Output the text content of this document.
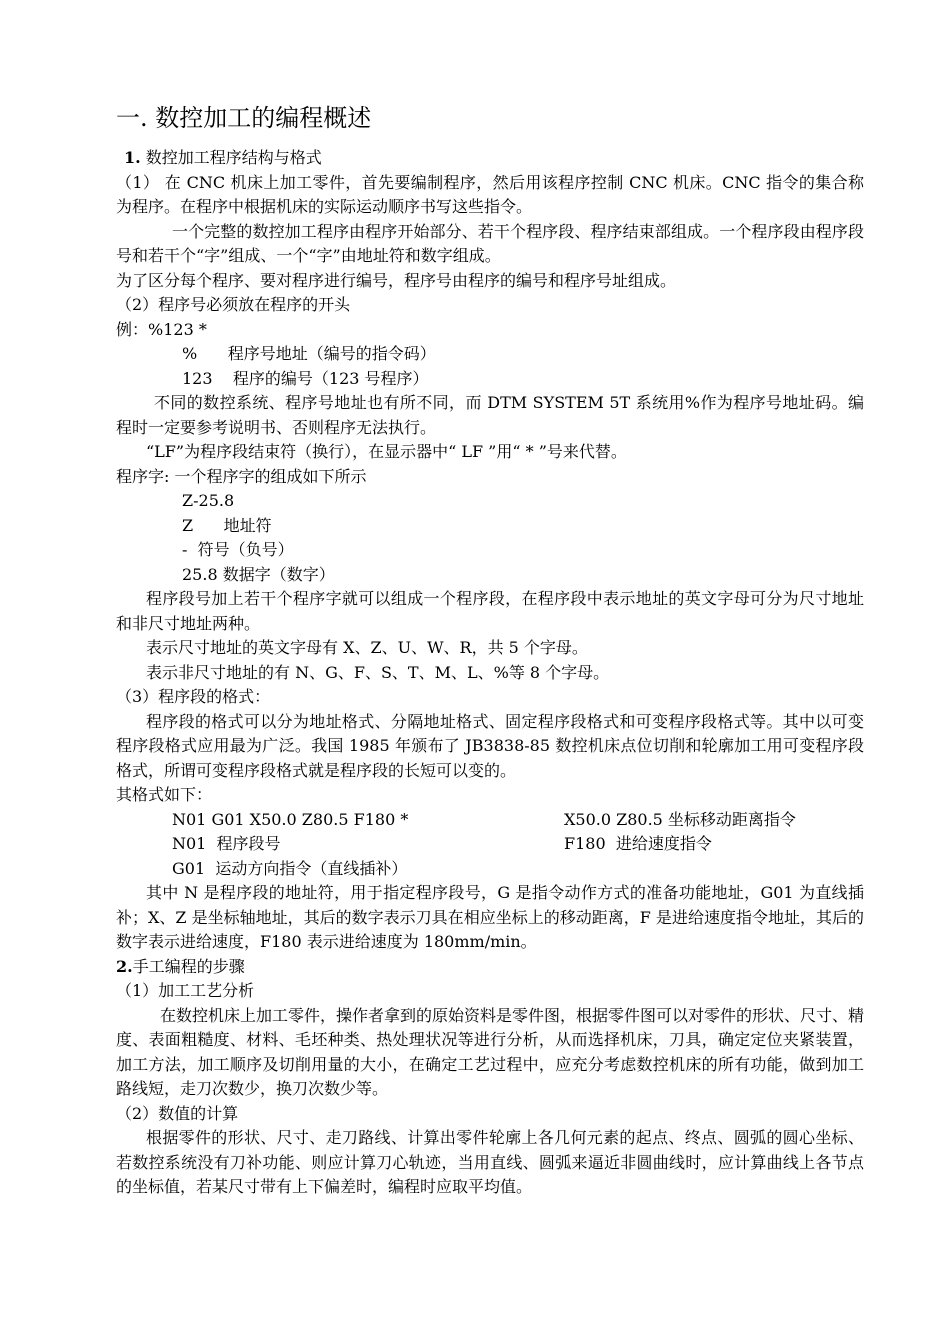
一. 数控加工的编程概述

1. 数控加工程序结构与格式

（1） 在 CNC 机床上加工零件，首先要编制程序，然后用该程序控制 CNC 机床。CNC 指令的集合称为程序。在程序中根据机床的实际运动顺序书写这些指令。

一个完整的数控加工程序由程序开始部分、若干个程序段、程序结束部组成。一个程序段由程序段号和若干个“字”组成、一个“字”由地址符和数字组成。

为了区分每个程序、要对程序进行编号，程序号由程序的编号和程序号址组成。

（2）程序号必须放在程序的开头

例：%123 *

%      程序号地址（编号的指令码）

123    程序的编号（123 号程序）

不同的数控系统、程序号地址也有所不同，而 DTM SYSTEM 5T 系统用%作为程序号地址码。编程时一定要参考说明书、否则程序无法执行。

“LF”为程序段结束符（换行），在显示器中“ LF ”用“ * ”号来代替。

程序字: 一个程序字的组成如下所示

Z-25.8

Z      地址符

-  符号（负号）

25.8 数据字（数字）

程序段号加上若干个程序字就可以组成一个程序段，在程序段中表示地址的英文字母可分为尺寸地址和非尺寸地址两种。

表示尺寸地址的英文字母有 X、Z、U、W、R，共 5 个字母。

表示非尺寸地址的有 N、G、F、S、T、M、L、%等 8 个字母。

（3）程序段的格式：

程序段的格式可以分为地址格式、分隔地址格式、固定程序段格式和可变程序段格式等。其中以可变程序段格式应用最为广泛。我国 1985 年颁布了 JB3838-85 数控机床点位切削和轮廓加工用可变程序段格式，所谓可变程序段格式就是程序段的长短可以变的。

其格式如下：

N01 G01 X50.0 Z80.5 F180 *	X50.0 Z80.5 坐标移动距离指令
N01  程序段号	F180  进给速度指令
G01  运动方向指令（直线插补）

其中 N 是程序段的地址符，用于指定程序段号，G 是指令动作方式的准备功能地址，G01 为直线插补；X、Z 是坐标轴地址，其后的数字表示刀具在相应坐标上的移动距离，F 是进给速度指令地址，其后的数字表示进给速度，F180 表示进给速度为 180mm/min。

2.手工编程的步骤

（1）加工工艺分析

在数控机床上加工零件，操作者拿到的原始资料是零件图，根据零件图可以对零件的形状、尺寸、精度、表面粗糙度、材料、毛坯种类、热处理状况等进行分析，从而选择机床，刀具，确定定位夹紧装置，加工方法，加工顺序及切削用量的大小，在确定工艺过程中，应充分考虑数控机床的所有功能，做到加工路线短，走刀次数少，换刀次数少等。

（2）数值的计算

根据零件的形状、尺寸、走刀路线、计算出零件轮廓上各几何元素的起点、终点、圆弧的圆心坐标、若数控系统没有刀补功能、则应计算刀心轨迹，当用直线、圆弧来逼近非圆曲线时，应计算曲线上各节点的坐标值，若某尺寸带有上下偏差时，编程时应取平均值。
